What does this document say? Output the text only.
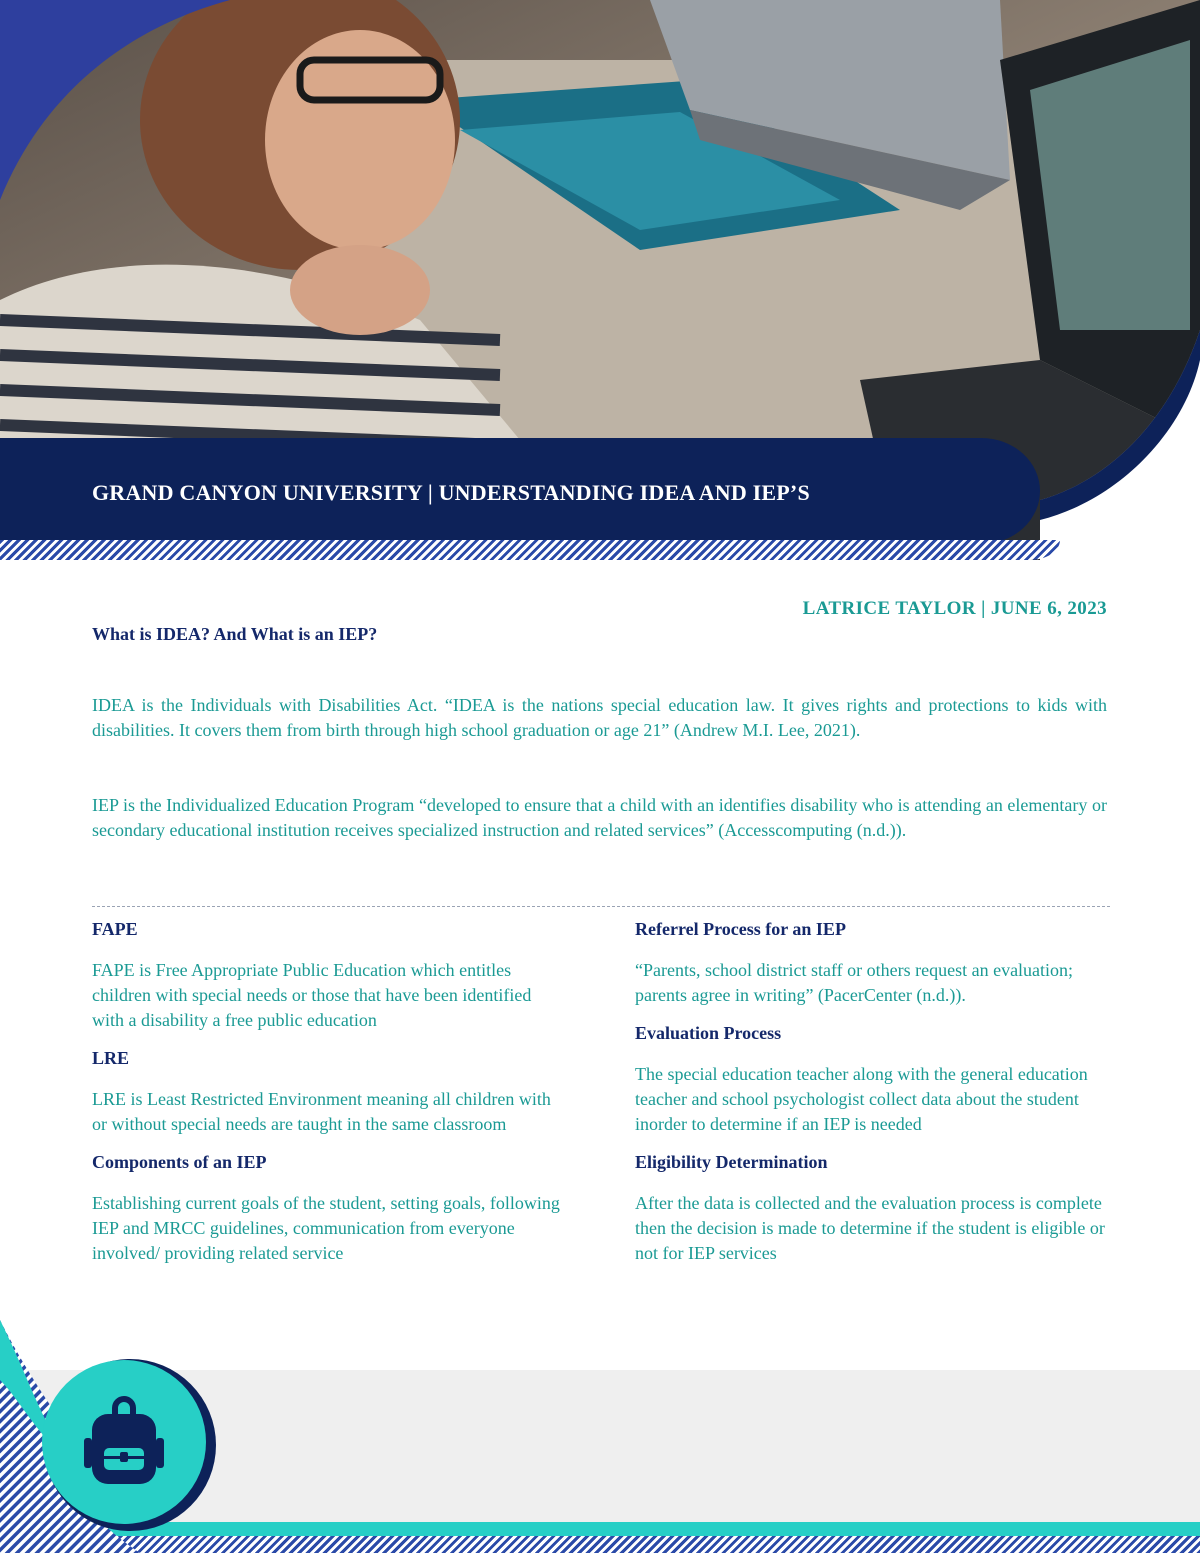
GRAND CANYON UNIVERSITY | UNDERSTANDING IDEA AND IEP’S
LATRICE TAYLOR | JUNE 6, 2023
What is IDEA? And What is an IEP?

IDEA is the Individuals with Disabilities Act. “IDEA is the nations special education law. It gives rights and protections to kids with disabilities. It covers them from birth through high school graduation or age 21” (Andrew M.I. Lee, 2021).

IEP is the Individualized Education Program “developed to ensure that a child with an identifies disability who is attending an elementary or secondary educational institution receives specialized instruction and related services” (Accesscomputing (n.d.)).

FAPE

FAPE is Free Appropriate Public Education which entitles children with special needs or those that have been identified with a disability a free public education

LRE

LRE is Least Restricted Environment meaning all children with or without special needs are taught in the same classroom

Components of an IEP

Establishing current goals of the student, setting goals, following IEP and MRCC guidelines, communication from everyone involved/ providing related service

Referrel Process for an IEP

“Parents, school district staff or others request an evaluation; parents agree in writing” (PacerCenter (n.d.)).

Evaluation Process

The special education teacher along with the general education teacher and school psychologist collect data about the student inorder to determine if an IEP is needed

Eligibility Determination

After the data is collected and the evaluation process is complete then the decision is made to determine if the student is eligible or not for IEP services
